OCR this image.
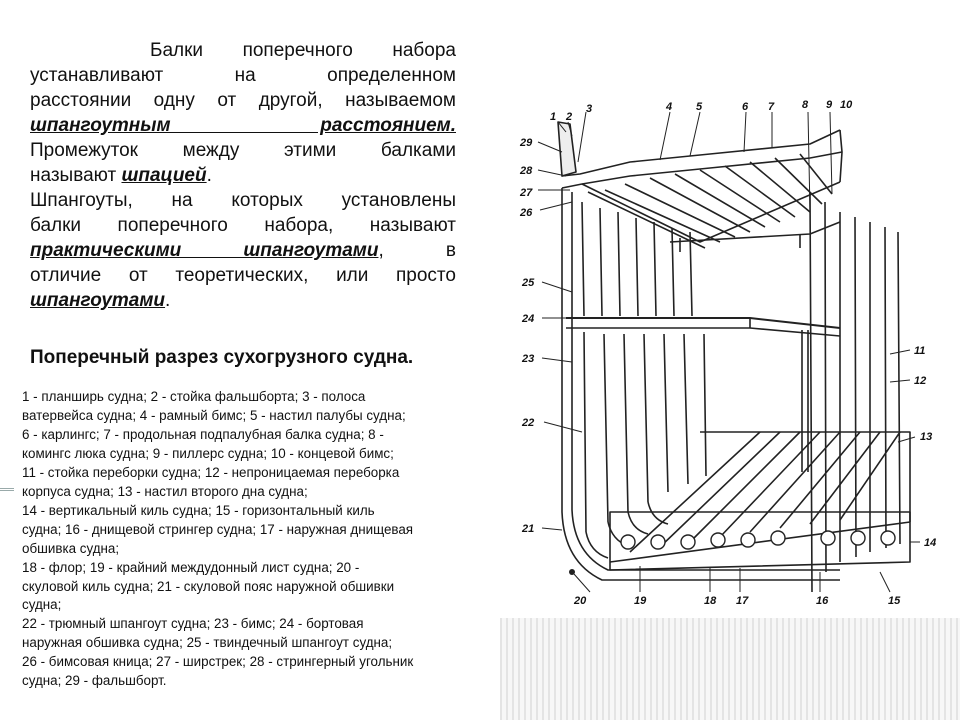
Балки поперечного набора

устанавливают на определенном

расстоянии одну от другой, называемом

шпангоутным расстоянием.

Промежуток между этими балками

называют шпацией.

Шпангоуты, на которых установлены

балки поперечного набора, называют

практическими шпангоутами, в

отличие от теоретических, или просто

шпангоутами.

Поперечный разрез сухогрузного судна.
1 - планширь судна; 2 - стойка фальшборта; 3 - полоса
ватервейса судна; 4 - рамный бимс; 5 - настил палубы судна;
6 - карлингс; 7 - продольная подпалубная балка судна; 8 -
комингс люка судна; 9 - пиллерс судна; 10 - концевой бимс;
11 - стойка переборки судна; 12 - непроницаемая переборка
корпуса судна; 13 - настил второго дна судна;
14 - вертикальный киль судна; 15 - горизонтальный киль
судна; 16 - днищевой стрингер судна; 17 - наружная днищевая
обшивка судна;
18 - флор; 19 - крайний междудонный лист судна; 20 -
скуловой киль судна; 21 - скуловой пояс наружной обшивки
судна;
22 - трюмный шпангоут судна; 23 - бимс; 24 - бортовая
наружная обшивка судна; 25 - твиндечный шпангоут судна;
26 - бимсовая кница; 27 - ширстрек; 28 - стрингерный угольник
судна; 29 - фальшборт.
1 2
3	4 5	6 7	8 9 10
11
12
13
14
15
16
17
18
19
20
21
22
23
24
25
26
27
28
29
